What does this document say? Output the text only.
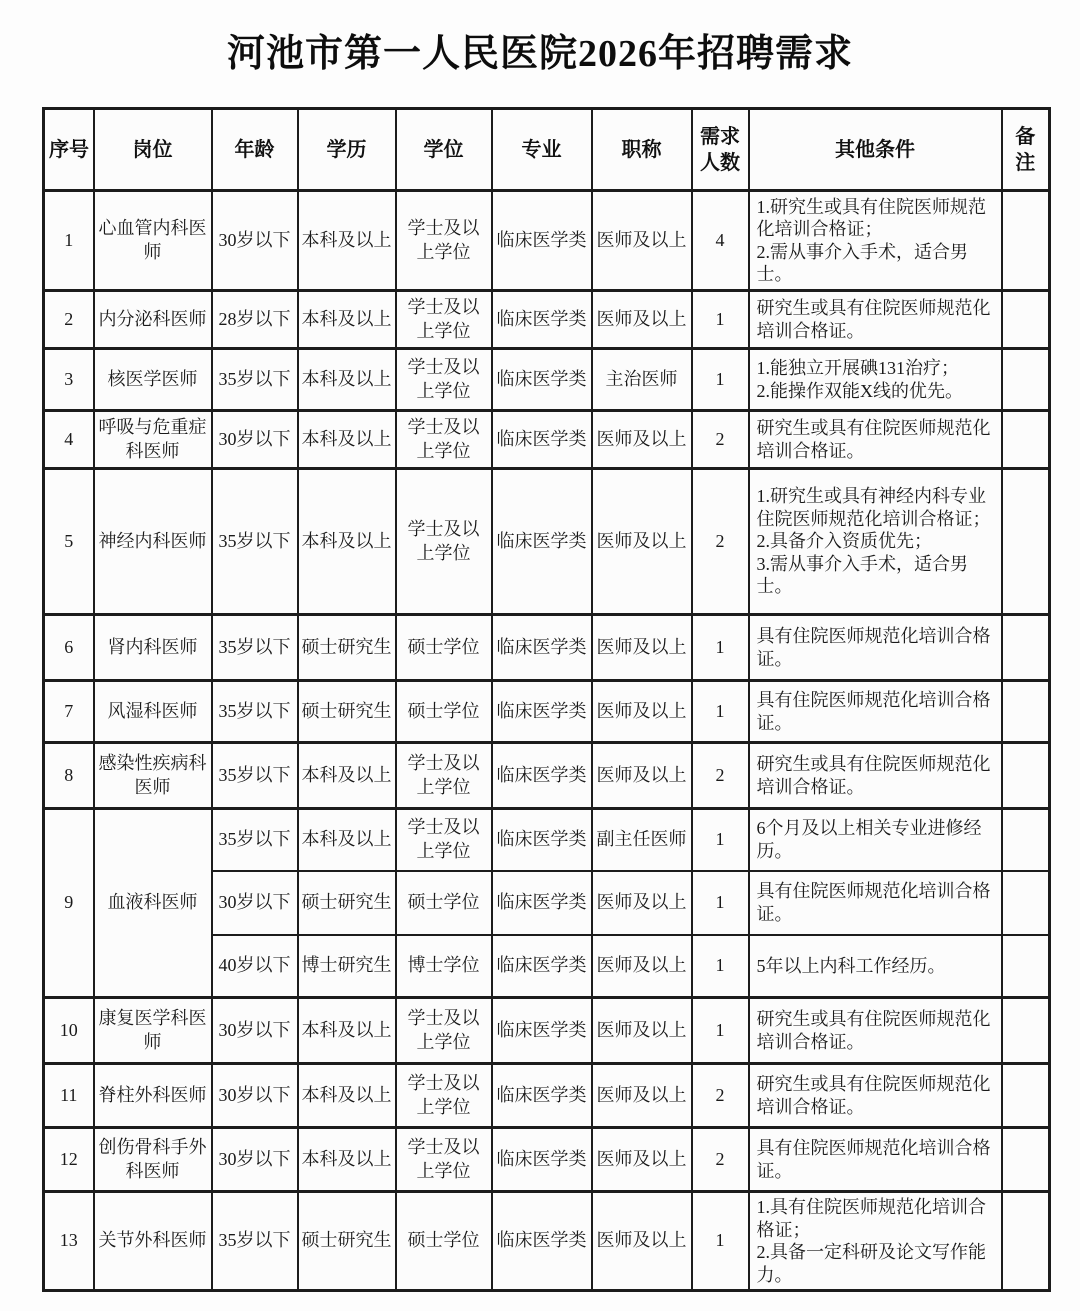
河池市第一人民医院2026年招聘需求
序号	岗位	年龄	学历	学位	专业	职称	需求人数	其他条件	备注
1	心血管内科医师	30岁以下	本科及以上	学士及以上学位	临床医学类	医师及以上	4	1.研究生或具有住院医师规范化培训合格证；
2.需从事介入手术，适合男士。	

2	内分泌科医师	28岁以下	本科及以上	学士及以上学位	临床医学类	医师及以上	1	研究生或具有住院医师规范化培训合格证。	

3	核医学医师	35岁以下	本科及以上	学士及以上学位	临床医学类	主治医师	1	1.能独立开展碘131治疗；
2.能操作双能X线的优先。	

4	呼吸与危重症科医师	30岁以下	本科及以上	学士及以上学位	临床医学类	医师及以上	2	研究生或具有住院医师规范化培训合格证。	

5	神经内科医师	35岁以下	本科及以上	学士及以上学位	临床医学类	医师及以上	2	1.研究生或具有神经内科专业住院医师规范化培训合格证；
2.具备介入资质优先；
3.需从事介入手术，适合男士。	

6	肾内科医师	35岁以下	硕士研究生	硕士学位	临床医学类	医师及以上	1	具有住院医师规范化培训合格证。	

7	风湿科医师	35岁以下	硕士研究生	硕士学位	临床医学类	医师及以上	1	具有住院医师规范化培训合格证。	

8	感染性疾病科医师	35岁以下	本科及以上	学士及以上学位	临床医学类	医师及以上	2	研究生或具有住院医师规范化培训合格证。	

9	血液科医师	35岁以下	本科及以上	学士及以上学位	临床医学类	副主任医师	1	6个月及以上相关专业进修经历。	

		30岁以下	硕士研究生	硕士学位	临床医学类	医师及以上	1	具有住院医师规范化培训合格证。	

		40岁以下	博士研究生	博士学位	临床医学类	医师及以上	1	5年以上内科工作经历。	

10	康复医学科医师	30岁以下	本科及以上	学士及以上学位	临床医学类	医师及以上	1	研究生或具有住院医师规范化培训合格证。	

11	脊柱外科医师	30岁以下	本科及以上	学士及以上学位	临床医学类	医师及以上	2	研究生或具有住院医师规范化培训合格证。	

12	创伤骨科手外科医师	30岁以下	本科及以上	学士及以上学位	临床医学类	医师及以上	2	具有住院医师规范化培训合格证。	

13	关节外科医师	35岁以下	硕士研究生	硕士学位	临床医学类	医师及以上	1	1.具有住院医师规范化培训合格证；
2.具备一定科研及论文写作能力。	
